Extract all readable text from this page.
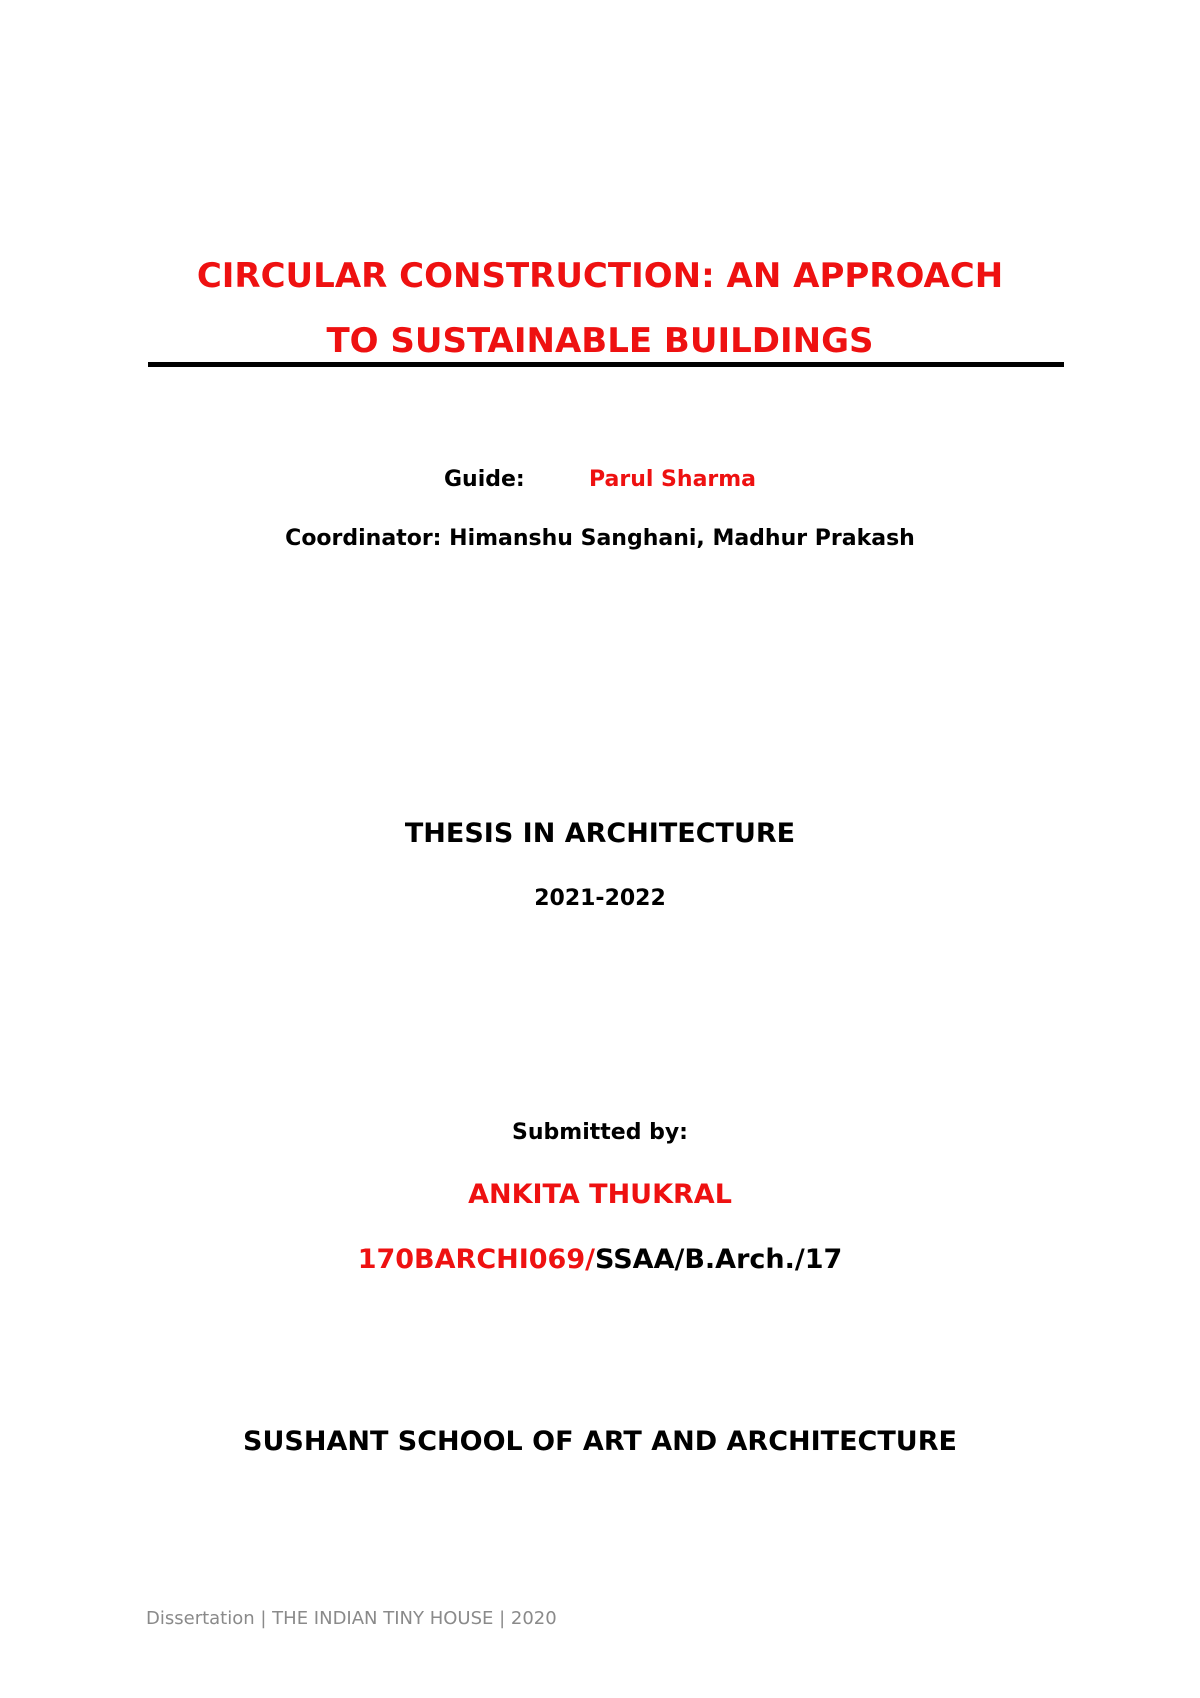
CIRCULAR CONSTRUCTION: AN APPROACH
TO SUSTAINABLE BUILDINGS
Guide:	Parul Sharma
Coordinator: Himanshu Sanghani, Madhur Prakash
THESIS IN ARCHITECTURE
2021-2022
Submitted by:
ANKITA THUKRAL
170BARCHI069/SSAA/B.Arch./17
SUSHANT SCHOOL OF ART AND ARCHITECTURE
Dissertation | THE INDIAN TINY HOUSE | 2020
